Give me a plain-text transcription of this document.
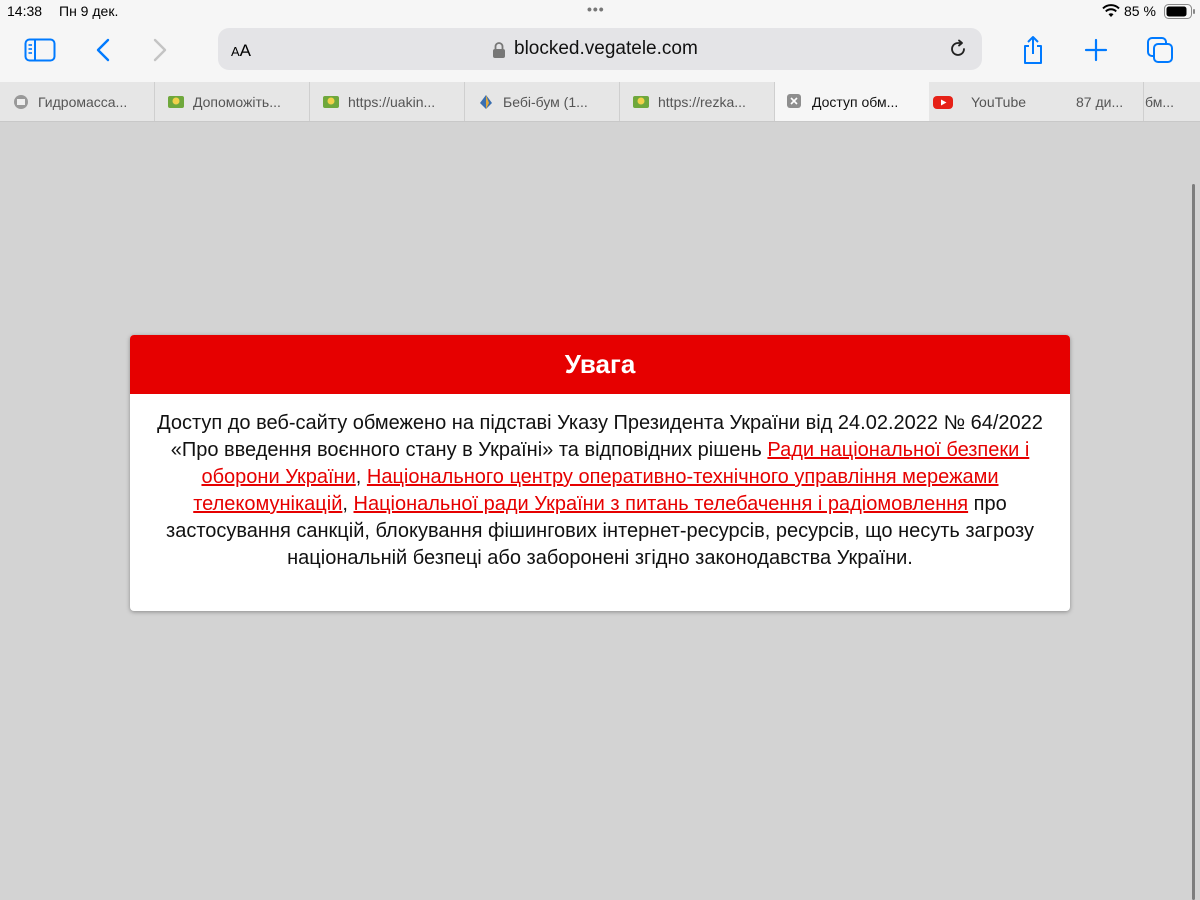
14:38 Пн 9 дек.	•••	85 %
AA	blocked.vegatele.com
Гидромасса...	Допоможіть...	https://uakin...	Бебі-бум (1...	https://rezka...	Доступ обм...	YouTube	87 ди... бм...
Увага
Доступ до веб-сайту обмежено на підставі Указу Президента України від 24.02.2022 № 64/2022 «Про введення воєнного стану в Україні» та відповідних рішень Ради національної безпеки і оборони України, Національного центру оперативно-технічного управління мережами телекомунікацій, Національної ради України з питань телебачення і радіомовлення про застосування санкцій, блокування фішингових інтернет-ресурсів, ресурсів, що несуть загрозу національній безпеці або заборонені згідно законодавства України.
